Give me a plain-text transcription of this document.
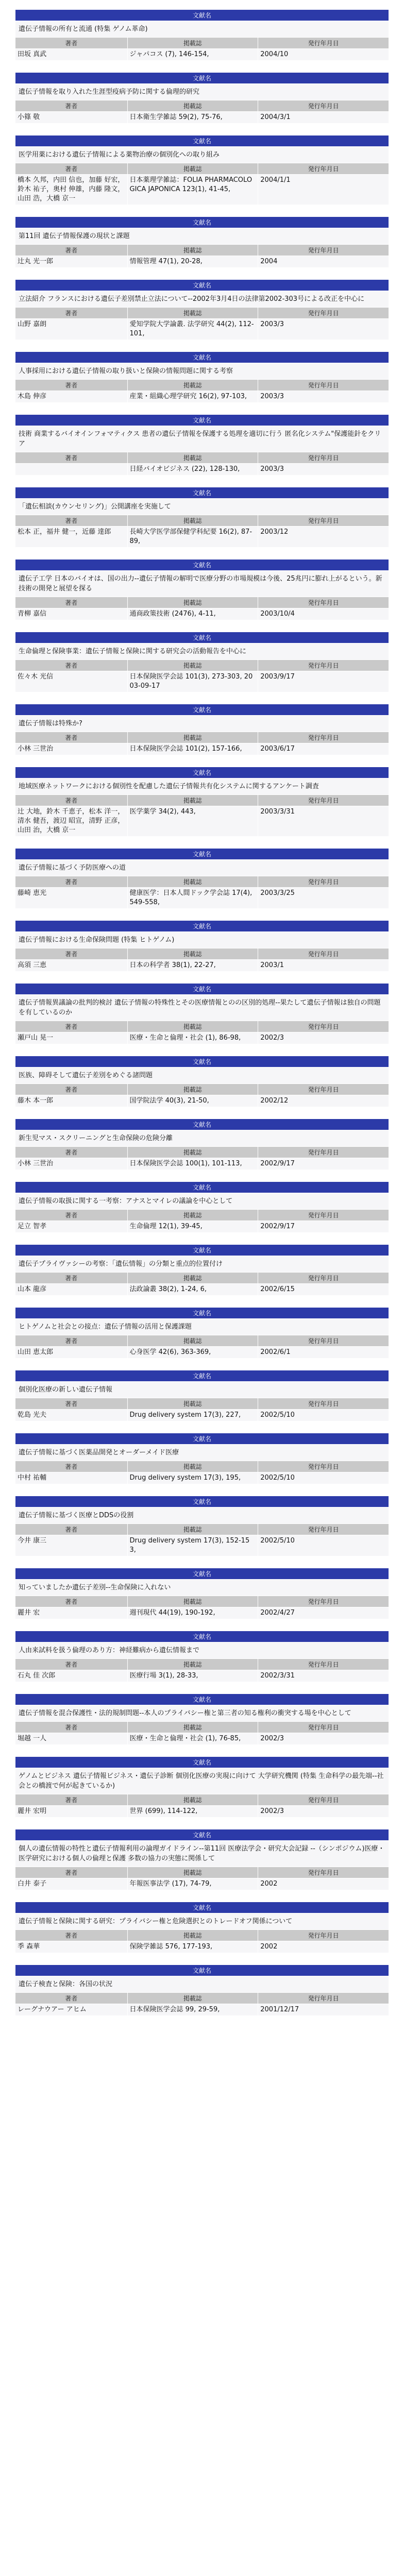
文献名		
遺伝子情報の所有と流通 (特集 ゲノム革命)		
著者	掲載誌	発行年月日
田坂 真武	ジャパコス (7), 146-154,	2004/10
文献名		
遺伝子情報を取り入れた生涯型疫病予防に関する倫理的研究		
著者	掲載誌	発行年月日
小篠 敬	日本衛生学雑誌 59(2), 75-76,	2004/3/1
文献名		
医学用薬における遺伝子情報による薬物治療の個別化への取り組み		
著者	掲載誌	発行年月日
橋本 久邦，内田 信也，加藤 好宏，鈴木 祐子，奥村 伸雄，内藤 隆文，山田 浩，大橋 京一	日本薬理学雑誌：FOLIA PHARMACOLOGICA JAPONICA 123(1), 41-45,	2004/1/1
文献名		
第11回 遺伝子情報保護の現状と課題		
著者	掲載誌	発行年月日
辻丸 光一郎	情報管理 47(1), 20-28,	2004
文献名		
立法紹介 フランスにおける遺伝子差別禁止立法について--2002年3月4日の法律第2002-303号による改正を中心に		
著者	掲載誌	発行年月日
山野 嘉朗	愛知学院大学論叢. 法学研究 44(2), 112-101,	2003/3
文献名		
人事採用における遺伝子情報の取り扱いと保険の情報問題に関する考察		
著者	掲載誌	発行年月日
木島 伸彦	産業・組織心理学研究 16(2), 97-103,	2003/3
文献名		
技術 商業するバイオインフォマティクス 患者の遺伝子情報を保護する処理を適切に行う 匿名化システム"保護能針をクリア		
著者	掲載誌	発行年月日
	日経バイオビジネス (22), 128-130,	2003/3
文献名		
「遺伝相談(カウンセリング)」公開講座を実施して		
著者	掲載誌	発行年月日
松本 正，福井 健一，近藤 達郎	長崎大学医学部保健学科紀要 16(2), 87-89,	2003/12
文献名		
遺伝子工学 日本のバイオは、国の出力--遺伝子情報の解明で医療分野の市場規模は今後、25兆円に膨れ上がるという。新技術の開発と展望を探る		
著者	掲載誌	発行年月日
青柳 嘉信	通商政策技術 (2476), 4-11,	2003/10/4
文献名		
生命倫理と保険事業：遺伝子情報と保険に関する研究会の活動報告を中心に		
著者	掲載誌	発行年月日
佐々木 光信	日本保険医学会誌 101(3), 273-303, 2003-09-17	2003/9/17
文献名		
遺伝子情報は特殊か?		
著者	掲載誌	発行年月日
小林 三世治	日本保険医学会誌 101(2), 157-166,	2003/6/17
文献名		
地域医療ネットワークにおける個別性を配慮した遺伝子情報共有化システムに関するアンケート調査		
著者	掲載誌	発行年月日
辻 大地，鈴木 千恵子，松本 洋一，清水 健吾，渡辺 昭宣，清野 正彦，山田 治，大橋 京一	医学薬学 34(2), 443,	2003/3/31
文献名		
遺伝子情報に基づく予防医療への道		
著者	掲載誌	発行年月日
藤崎 恵光	健康医学：日本人間ドック学会誌 17(4), 549-558,	2003/3/25
文献名		
遺伝子情報における生命保険問題 (特集 ヒトゲノム)		
著者	掲載誌	発行年月日
高須 三恵	日本の科学者 38(1), 22-27,	2003/1
文献名		
遺伝子情報異議論の批判的検討 遺伝子情報の特殊性とその医療情報とのの区別的処理--果たして遺伝子情報は独自の問題を有しているのか		
著者	掲載誌	発行年月日
瀬戸山 晃一	医療・生命と倫理・社会 (1), 86-98,	2002/3
文献名		
医族、障碍そして遺伝子差別をめぐる諸問題		
著者	掲載誌	発行年月日
藤木 本一郎	国学院法学 40(3), 21-50,	2002/12
文献名		
新生児マス・スクリーニングと生命保険の危険分離		
著者	掲載誌	発行年月日
小林 三世治	日本保険医学会誌 100(1), 101-113,	2002/9/17
文献名		
遺伝子情報の取扱に関する一考察：アナスとマイレの議論を中心として		
著者	掲載誌	発行年月日
足立 智孝	生命倫理 12(1), 39-45,	2002/9/17
文献名		
遺伝子プライヴァシーの考察：「遺伝情報」の分類と重点的位置付け		
著者	掲載誌	発行年月日
山本 龍彦	法政論叢 38(2), 1-24, 6,	2002/6/15
文献名		
ヒトゲノムと社会との接点：遺伝子情報の活用と保護課題		
著者	掲載誌	発行年月日
山田 恵太郎	心身医学 42(6), 363-369,	2002/6/1
文献名		
個別化医療の新しい遺伝子情報		
著者	掲載誌	発行年月日
乾島 光夫	Drug delivery system 17(3), 227,	2002/5/10
文献名		
遺伝子情報に基づく医薬品開発とオーダーメイド医療		
著者	掲載誌	発行年月日
中村 祐輔	Drug delivery system 17(3), 195,	2002/5/10
文献名		
遺伝子情報に基づく医療とDDSの役割		
著者	掲載誌	発行年月日
今井 康三	Drug delivery system 17(3), 152-153,	2002/5/10
文献名		
知っていましたか遺伝子差別--生命保険に入れない		
著者	掲載誌	発行年月日
麗井 宏	週刊現代 44(19), 190-192,	2002/4/27
文献名		
人由来試料を扱う倫理のあり方：神経難病から遺伝情報まで		
著者	掲載誌	発行年月日
石丸 佳 次郎	医療行場 3(1), 28-33,	2002/3/31
文献名		
遺伝子情報を混合保護性・法的規制問題--本人のプライバシー権と第三者の知る権利の衝突する場を中心として		
著者	掲載誌	発行年月日
堀越 一人	医療・生命と倫理・社会 (1), 76-85,	2002/3
文献名		
ゲノムとビジネス 遺伝子情報ビジネス・遺伝子診断 個別化医療の実現に向けて 大学研究機関 (特集 生命科学の最先端--社会との橋渡で何が起きているか)		
著者	掲載誌	発行年月日
麗井 宏明	世界 (699), 114-122,	2002/3
文献名		
個人の遺伝情報の特性と遺伝子情報利用の論理ガイドライン--第11回 医療法学会・研究大会記録 --（シンポジウム)医療・医学研究における個人の倫理と保護 多数の協力の実態に関係して		
著者	掲載誌	発行年月日
白井 泰子	年報医事法学 (17), 74-79,	2002
文献名		
遺伝子情報と保険に関する研究：プライバシー権と危険選択とのトレードオフ関係について		
著者	掲載誌	発行年月日
季 森華	保険学雑誌 576, 177-193,	2002
文献名		
遺伝子検査と保険：各国の状況		
著者	掲載誌	発行年月日
レーグナウアー アヒム	日本保険医学会誌 99, 29-59,	2001/12/17
